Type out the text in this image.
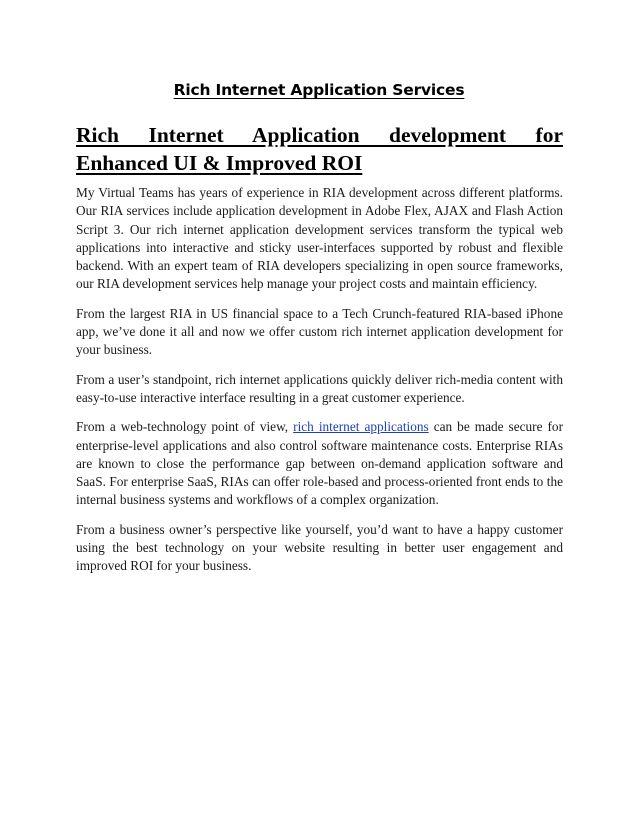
Rich Internet Application Services
Rich Internet Application development for
Enhanced UI & Improved ROI

My Virtual Teams has years of experience in RIA development across different platforms. Our RIA services include application development in Adobe Flex, AJAX and Flash Action Script 3. Our rich internet application development services transform the typical web applications into interactive and sticky user-interfaces supported by robust and flexible backend. With an expert team of RIA developers specializing in open source frameworks, our RIA development services help manage your project costs and maintain efficiency.

From the largest RIA in US financial space to a Tech Crunch-featured RIA-based iPhone app, we’ve done it all and now we offer custom rich internet application development for your business.

From a user’s standpoint, rich internet applications quickly deliver rich-media content with easy-to-use interactive interface resulting in a great customer experience.

From a web-technology point of view, rich internet applications can be made secure for enterprise-level applications and also control software maintenance costs. Enterprise RIAs are known to close the performance gap between on-demand application software and SaaS. For enterprise SaaS, RIAs can offer role-based and process-oriented front ends to the internal business systems and workflows of a complex organization.

From a business owner’s perspective like yourself, you’d want to have a happy customer using the best technology on your website resulting in better user engagement and improved ROI for your business.
